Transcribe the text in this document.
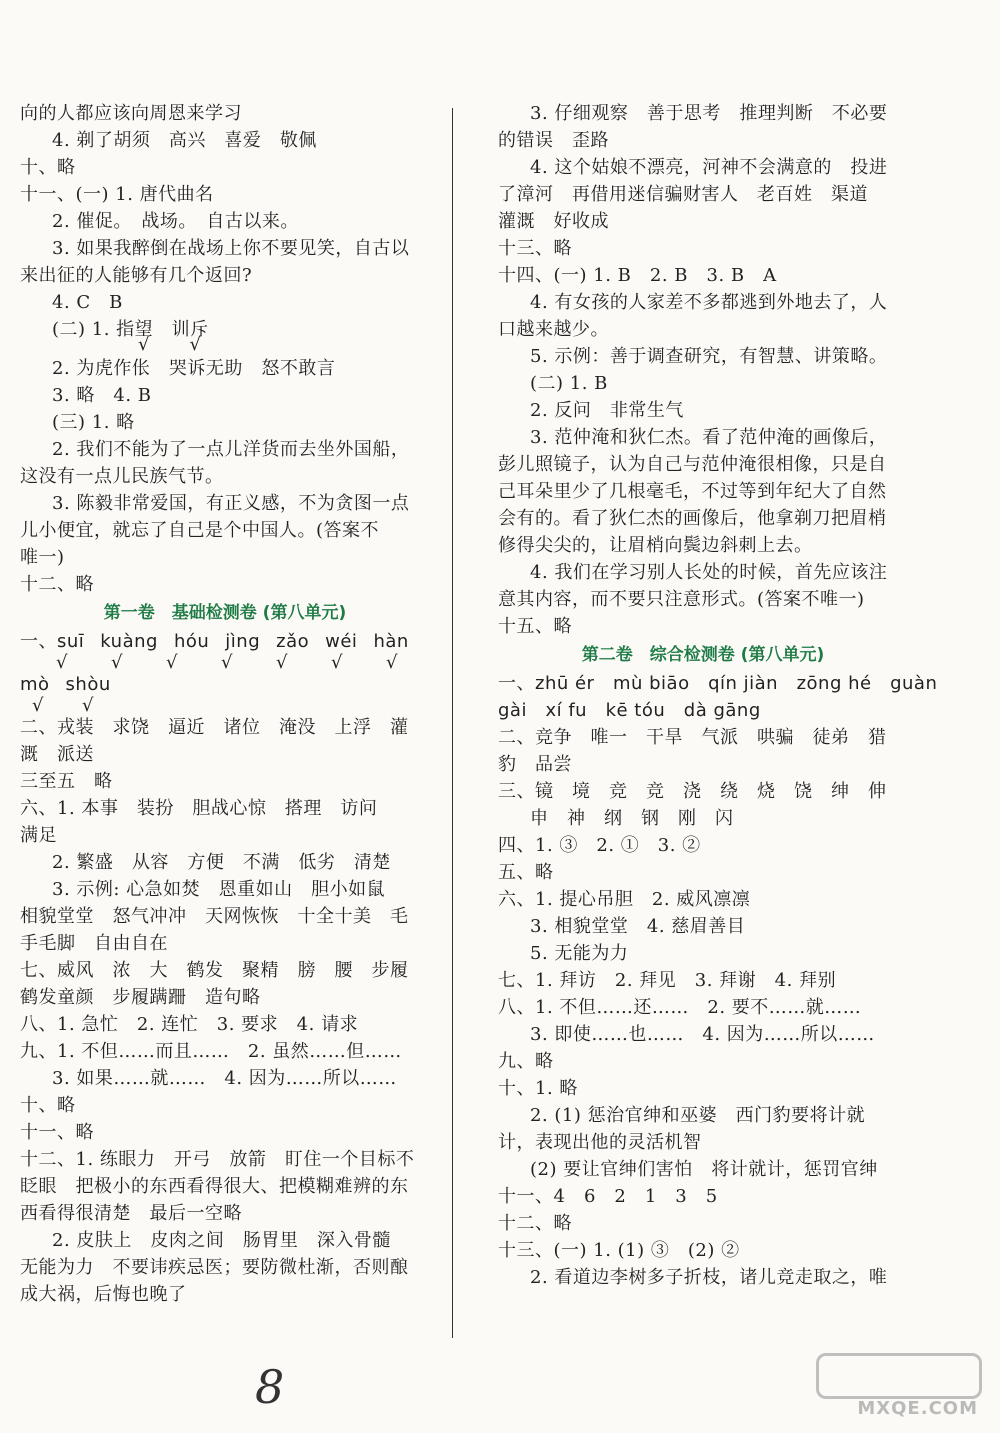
向的人都应该向周恩来学习
4. 剃了胡须　高兴　喜爱　敬佩
十、略
十一、(一) 1. 唐代曲名
2. 催促。　战场。　自古以来。
3. 如果我醉倒在战场上你不要见笑，自古以
来出征的人能够有几个返回?
4. C　B
(二) 1. 指望　训斥
√ √
2. 为虎作伥　哭诉无助　怒不敢言
3. 略　4. B
(三) 1. 略
2. 我们不能为了一点儿洋货而去坐外国船，
这没有一点儿民族气节。
3. 陈毅非常爱国，有正义感，不为贪图一点
儿小便宜，就忘了自己是个中国人。(答案不
唯一)
十二、略
第一卷　基础检测卷 (第八单元)
一、suī kuàng hóu jìng zǎo wéi hàn
√ √ √ √ √ √ √
mò shòu
√ √
二、戎装　求饶　逼近　诸位　淹没　上浮　灌
溉　派送
三至五　略
六、1. 本事　装扮　胆战心惊　搭理　访问
满足
2. 繁盛　从容　方便　不满　低劣　清楚
3. 示例: 心急如焚　恩重如山　胆小如鼠
相貌堂堂　怒气冲冲　天网恢恢　十全十美　毛
手毛脚　自由自在
七、威风　浓　大　鹤发　聚精　膀　腰　步履
鹤发童颜　步履蹒跚　造句略
八、1. 急忙　2. 连忙　3. 要求　4. 请求
九、1. 不但……而且……　2. 虽然……但……
3. 如果……就……　4. 因为……所以……
十、略
十一、略
十二、1. 练眼力　开弓　放箭　盯住一个目标不
眨眼　把极小的东西看得很大、把模糊难辨的东
西看得很清楚　最后一空略
2. 皮肤上　皮肉之间　肠胃里　深入骨髓
无能为力　不要讳疾忌医；要防微杜渐，否则酿
成大祸，后悔也晚了
3. 仔细观察　善于思考　推理判断　不必要
的错误　歪路
4. 这个姑娘不漂亮，河神不会满意的　投进
了漳河　再借用迷信骗财害人　老百姓　渠道
灌溉　好收成
十三、略
十四、(一) 1. B　2. B　3. B　A
4. 有女孩的人家差不多都逃到外地去了，人
口越来越少。
5. 示例：善于调查研究，有智慧、讲策略。
(二) 1. B
2. 反问　非常生气
3. 范仲淹和狄仁杰。看了范仲淹的画像后，
彭儿照镜子，认为自己与范仲淹很相像，只是自
己耳朵里少了几根毫毛，不过等到年纪大了自然
会有的。看了狄仁杰的画像后，他拿剃刀把眉梢
修得尖尖的，让眉梢向鬓边斜刺上去。
4. 我们在学习别人长处的时候，首先应该注
意其内容，而不要只注意形式。(答案不唯一)
十五、略
第二卷　综合检测卷 (第八单元)
一、zhū ér　mù biāo　qín jiàn　zōng hé　guàn
gài　xí fu　kē tóu　dà gāng
二、竞争　唯一　干旱　气派　哄骗　徒弟　猎
豹　品尝
三、镜　境　竞　竞　浇　绕　烧　饶　绅　伸
申　神　纲　钢　刚　闪
四、1. ③　2. ①　3. ②
五、略
六、1. 提心吊胆　2. 威风凛凛
3. 相貌堂堂　4. 慈眉善目
5. 无能为力
七、1. 拜访　2. 拜见　3. 拜谢　4. 拜别
八、1. 不但……还……　2. 要不……就……
3. 即使……也……　4. 因为……所以……
九、略
十、1. 略
2. (1) 惩治官绅和巫婆　西门豹要将计就
计，表现出他的灵活机智
(2) 要让官绅们害怕　将计就计，惩罚官绅
十一、4　6　2　1　3　5
十二、略
十三、(一) 1. (1) ③　(2) ②
2. 看道边李树多子折枝，诸儿竞走取之，唯
8	MXQE.COM
